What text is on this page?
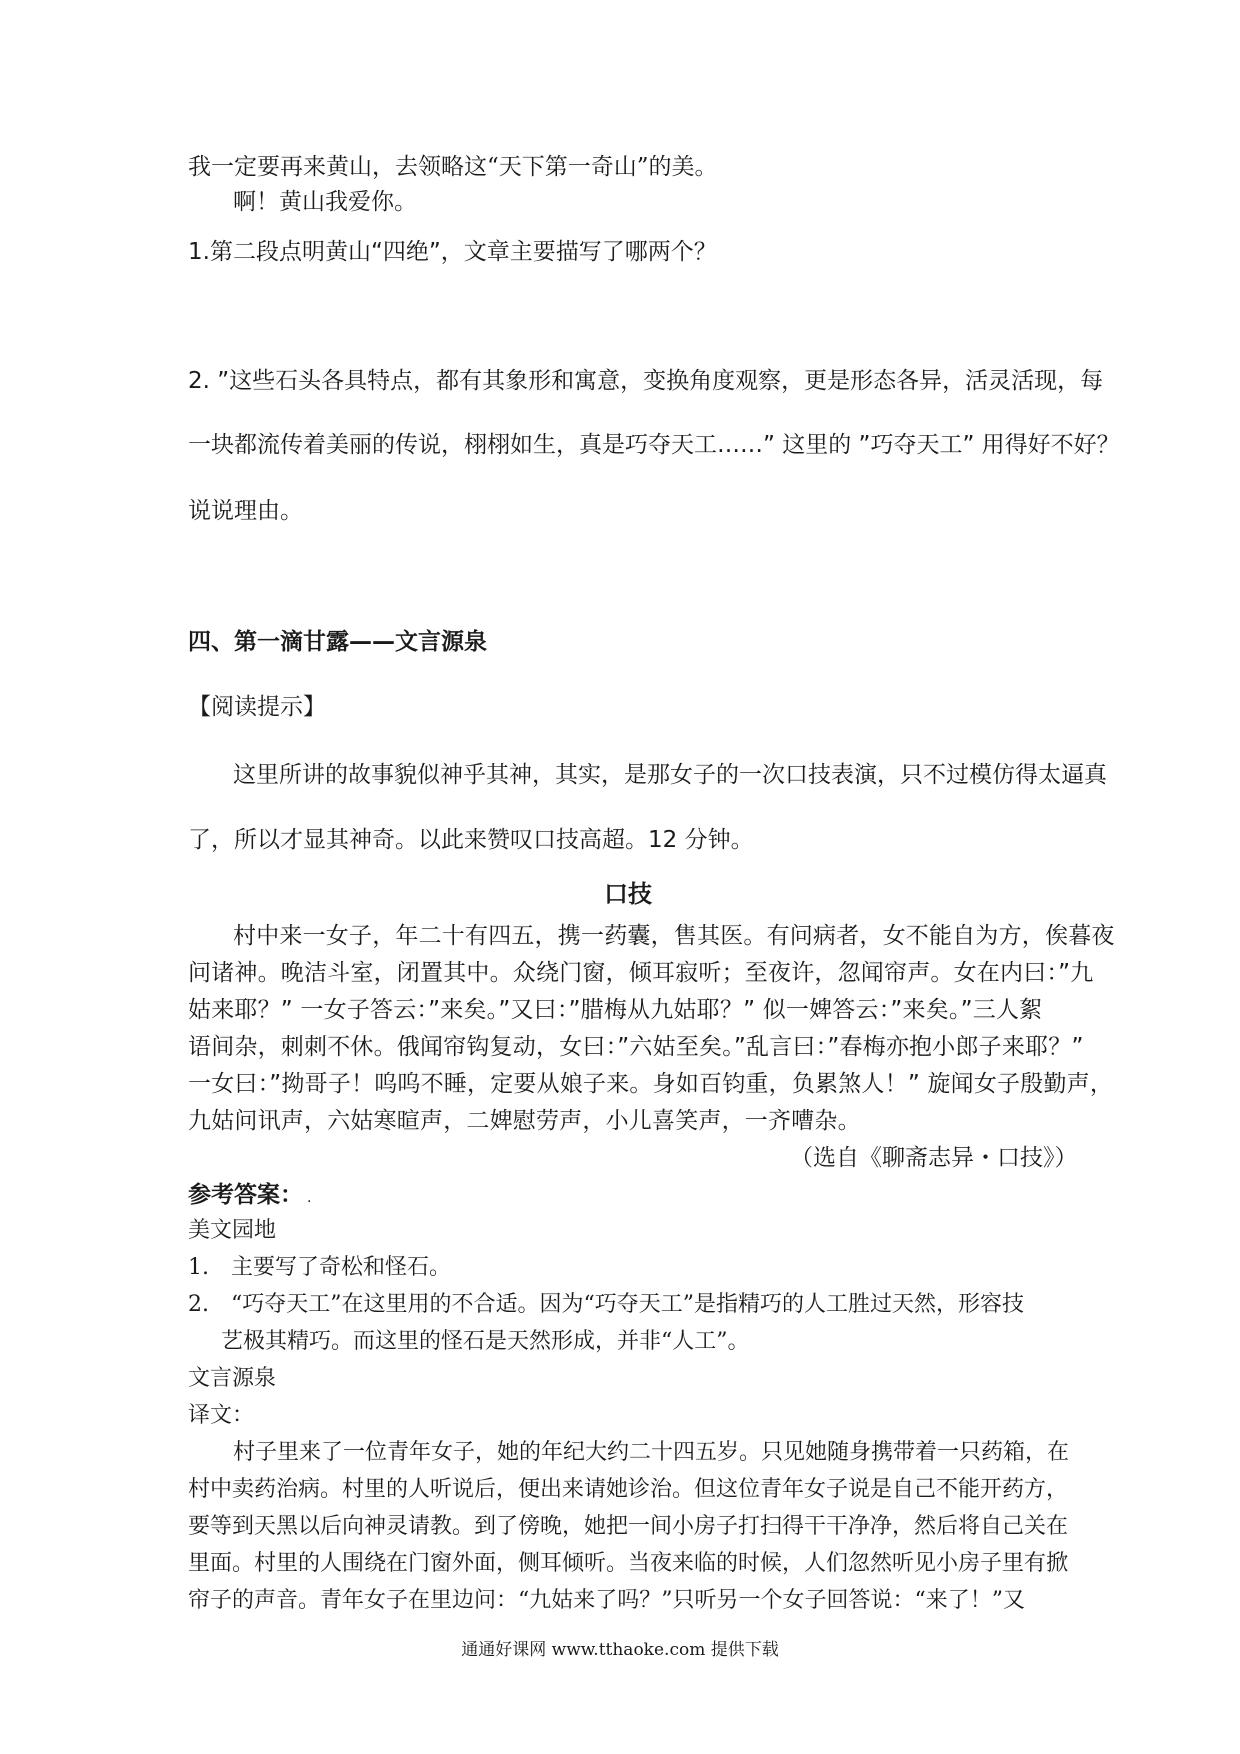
我一定要再来黄山，去领略这“天下第一奇山”的美。
啊！黄山我爱你。
1.第二段点明黄山“四绝”，文章主要描写了哪两个？
2. ”这些石头各具特点，都有其象形和寓意，变换角度观察，更是形态各异，活灵活现，每
一块都流传着美丽的传说，栩栩如生，真是巧夺天工……” 这里的 ”巧夺天工” 用得好不好？
说说理由。
四、第一滴甘露——文言源泉
【阅读提示】
这里所讲的故事貌似神乎其神，其实，是那女子的一次口技表演，只不过模仿得太逼真
了，所以才显其神奇。以此来赞叹口技高超。12 分钟。
口技
村中来一女子，年二十有四五，携一药囊，售其医。有问病者，女不能自为方，俟暮夜
问诸神。晚洁斗室，闭置其中。众绕门窗，倾耳寂听；至夜许，忽闻帘声。女在内曰：”九
姑来耶？” 一女子答云：”来矣。”又曰：”腊梅从九姑耶？” 似一婢答云：”来矣。”三人絮
语间杂，刺刺不休。俄闻帘钩复动，女曰：”六姑至矣。”乱言曰：”春梅亦抱小郎子来耶？”
一女曰：”拗哥子！呜呜不睡，定要从娘子来。身如百钧重，负累煞人！” 旋闻女子殷勤声，
九姑问讯声，六姑寒暄声，二婢慰劳声，小儿喜笑声，一齐嘈杂。
（选自《聊斋志异・口技》）
参考答案： .
美文园地
1.　主要写了奇松和怪石。
2.　“巧夺天工”在这里用的不合适。因为“巧夺天工”是指精巧的人工胜过天然，形容技
艺极其精巧。而这里的怪石是天然形成，并非“人工”。
文言源泉
译文：
村子里来了一位青年女子，她的年纪大约二十四五岁。只见她随身携带着一只药箱，在
村中卖药治病。村里的人听说后，便出来请她诊治。但这位青年女子说是自己不能开药方，
要等到天黑以后向神灵请教。到了傍晚，她把一间小房子打扫得干干净净，然后将自己关在
里面。村里的人围绕在门窗外面，侧耳倾听。当夜来临的时候，人们忽然听见小房子里有掀
帘子的声音。青年女子在里边问：“九姑来了吗？”只听另一个女子回答说：“来了！”又
通通好课网 www.tthaoke.com 提供下载
